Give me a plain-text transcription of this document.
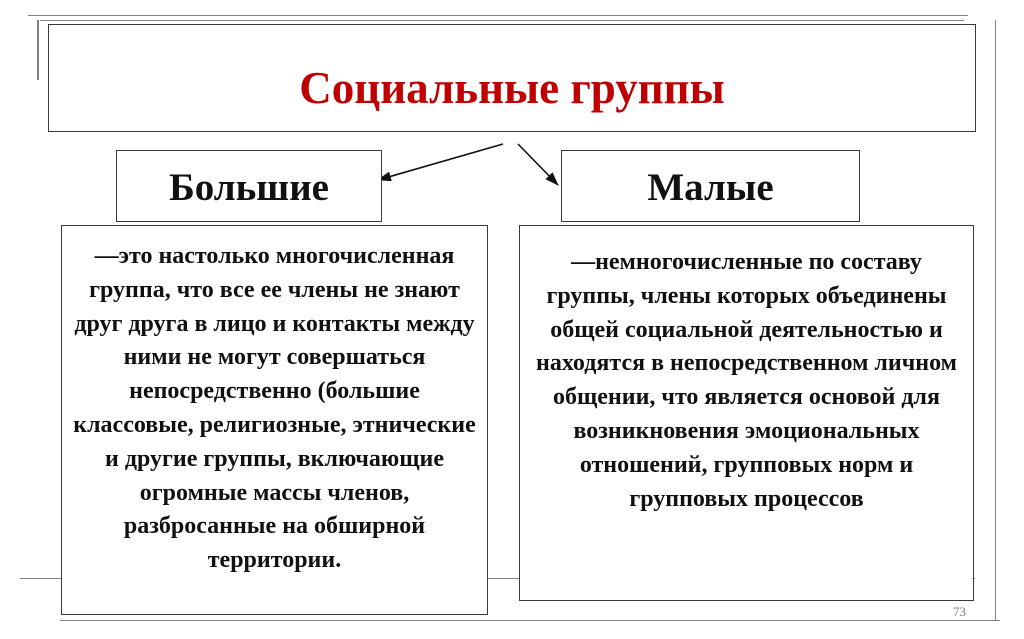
Социальные группы
Большие	Малые
—это настолько многочисленная группа, что все ее члены не знают друг друга в лицо и контакты между ними не могут совершаться непосредственно (большие классовые, религиозные, этнические и другие группы, включающие огромные массы членов, разбросанные на обширной территории.
—немногочисленные по составу группы, члены которых объединены общей социальной деятельностью и находятся в непосредственном личном общении, что является основой для возникновения эмоциональных отношений, групповых норм и групповых процессов
73
